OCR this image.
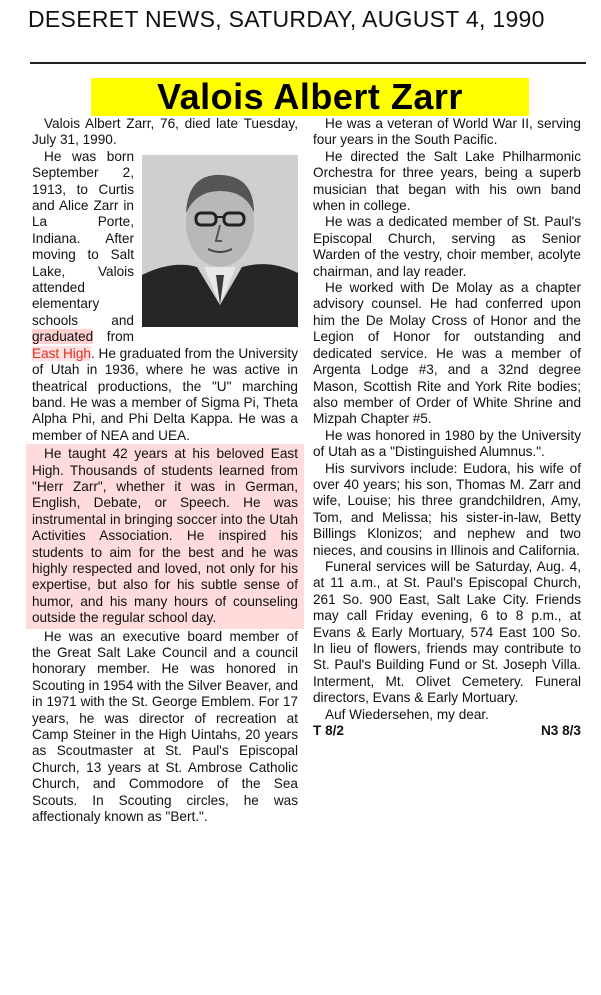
DESERET NEWS, SATURDAY, AUGUST 4, 1990
Valois Albert Zarr

Valois Albert Zarr, 76, died late Tuesday, July 31, 1990.

He was born September 2, 1913, to Curtis and Alice Zarr in La Porte, Indiana. After moving to Salt Lake, Valois attended elementary schools and graduated from East High. He graduated from the University of Utah in 1936, where he was active in theatrical productions, the "U" marching band. He was a member of Sigma Pi, Theta Alpha Phi, and Phi Delta Kappa. He was a member of NEA and UEA.

He taught 42 years at his beloved East High. Thousands of students learned from "Herr Zarr", whether it was in German, English, Debate, or Speech. He was instrumental in bringing soccer into the Utah Activities Association. He inspired his students to aim for the best and he was highly respected and loved, not only for his expertise, but also for his subtle sense of humor, and his many hours of counseling outside the regular school day.

He was an executive board member of the Great Salt Lake Council and a council honorary member. He was honored in Scouting in 1954 with the Silver Beaver, and in 1971 with the St. George Emblem. For 17 years, he was director of recreation at Camp Steiner in the High Uintahs, 20 years as Scoutmaster at St. Paul's Episcopal Church, 13 years at St. Ambrose Catholic Church, and Commodore of the Sea Scouts. In Scouting circles, he was affectionaly known as "Bert.".

He was a veteran of World War II, serving four years in the South Pacific.

He directed the Salt Lake Philharmonic Orchestra for three years, being a superb musician that began with his own band when in college.

He was a dedicated member of St. Paul's Episcopal Church, serving as Senior Warden of the vestry, choir member, acolyte chairman, and lay reader.

He worked with De Molay as a chapter advisory counsel. He had conferred upon him the De Molay Cross of Honor and the Legion of Honor for outstanding and dedicated service. He was a member of Argenta Lodge #3, and a 32nd degree Mason, Scottish Rite and York Rite bodies; also member of Order of White Shrine and Mizpah Chapter #5.

He was honored in 1980 by the University of Utah as a "Distinguished Alumnus.".

His survivors include: Eudora, his wife of over 40 years; his son, Thomas M. Zarr and wife, Louise; his three grandchildren, Amy, Tom, and Melissa; his sister-in-law, Betty Billings Klonizos; and nephew and two nieces, and cousins in Illinois and California.

Funeral services will be Saturday, Aug. 4, at 11 a.m., at St. Paul's Episcopal Church, 261 So. 900 East, Salt Lake City. Friends may call Friday evening, 6 to 8 p.m., at Evans & Early Mortuary, 574 East 100 So. In lieu of flowers, friends may contribute to St. Paul's Building Fund or St. Joseph Villa. Interment, Mt. Olivet Cemetery. Funeral directors, Evans & Early Mortuary.

Auf Wiedersehen, my dear.

T 8/2	N3 8/3
